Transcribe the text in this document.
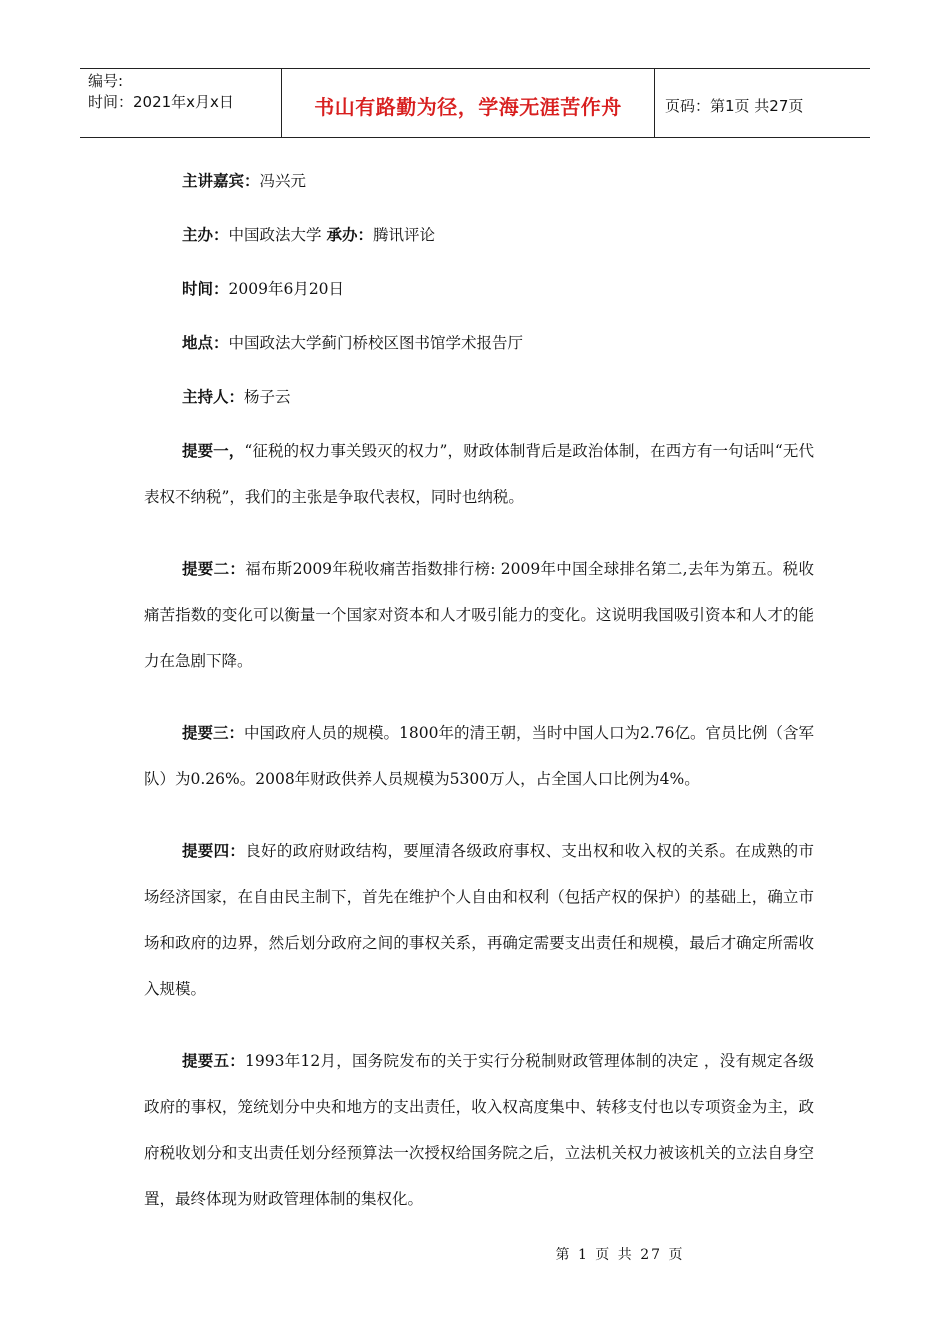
编号:
时间：2021年x月x日	书山有路勤为径，学海无涯苦作舟	页码：第1页 共27页
主讲嘉宾：冯兴元
主办：中国政法大学 承办：腾讯评论
时间：2009年6月20日
地点：中国政法大学蓟门桥校区图书馆学术报告厅
主持人：杨子云

提要一，“征税的权力事关毁灭的权力”，财政体制背后是政治体制，在西方有一句话叫“无代表权不纳税”，我们的主张是争取代表权，同时也纳税。

提要二：福布斯2009年税收痛苦指数排行榜: 2009年中国全球排名第二,去年为第五。税收痛苦指数的变化可以衡量一个国家对资本和人才吸引能力的变化。这说明我国吸引资本和人才的能力在急剧下降。

提要三：中国政府人员的规模。1800年的清王朝，当时中国人口为2.76亿。官员比例（含军队）为0.26%。2008年财政供养人员规模为5300万人，占全国人口比例为4%。

提要四：良好的政府财政结构，要厘清各级政府事权、支出权和收入权的关系。在成熟的市场经济国家，在自由民主制下，首先在维护个人自由和权利（包括产权的保护）的基础上，确立市场和政府的边界，然后划分政府之间的事权关系，再确定需要支出责任和规模，最后才确定所需收入规模。

提要五：1993年12月，国务院发布的关于实行分税制财政管理体制的决定 ，没有规定各级政府的事权，笼统划分中央和地方的支出责任，收入权高度集中、转移支付也以专项资金为主，政府税收划分和支出责任划分经预算法一次授权给国务院之后，立法机关权力被该机关的立法自身空置，最终体现为财政管理体制的集权化。

第 1 页 共 27 页
